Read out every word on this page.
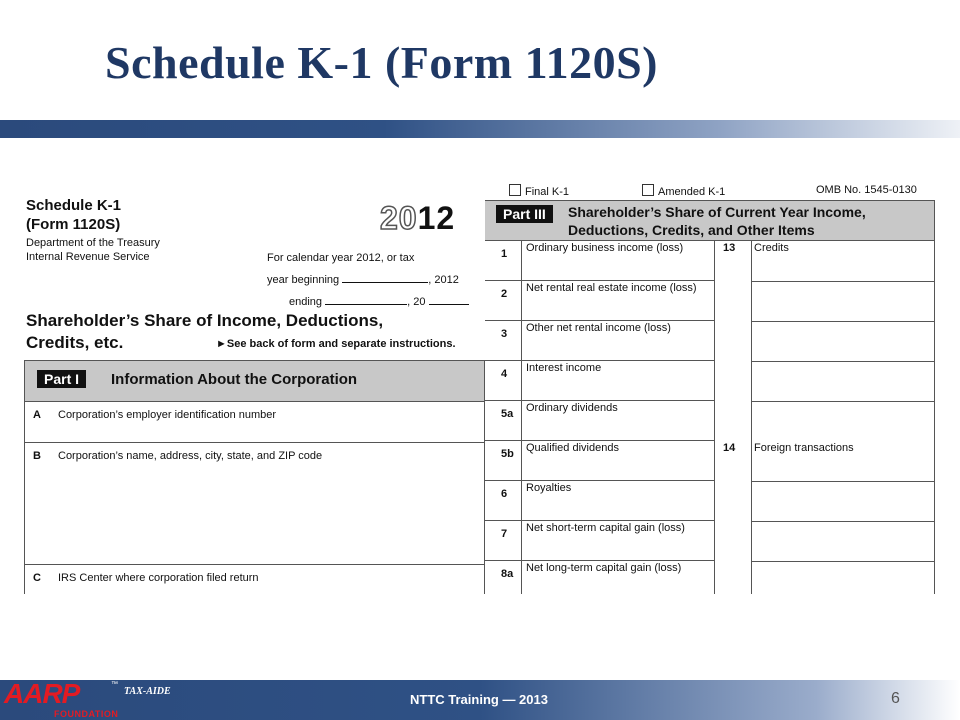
Schedule K-1 (Form 1120S)
Schedule K-1
(Form 1120S)
Department of the Treasury
Internal Revenue Service
2012
For calendar year 2012, or tax
year beginning	, 2012
ending	, 20
Shareholder’s Share of Income, Deductions,
Credits, etc.	►See back of form and separate instructions.
Part I	Information About the Corporation
A Corporation’s employer identification number
B Corporation’s name, address, city, state, and ZIP code
C IRS Center where corporation filed return
Final K-1	Amended K-1	OMB No. 1545-0130
Part III	Shareholder’s Share of Current Year Income,
Deductions, Credits, and Other Items
1 Ordinary business income (loss)
2 Net rental real estate income (loss)
3 Other net rental income (loss)
4 Interest income
5a Ordinary dividends
5b Qualified dividends
6 Royalties
7 Net short-term capital gain (loss)
8a Net long-term capital gain (loss)
13 Credits
14 Foreign transactions
AARP	™
FOUNDATION
TAX-AIDE
NTTC Training — 2013	6
